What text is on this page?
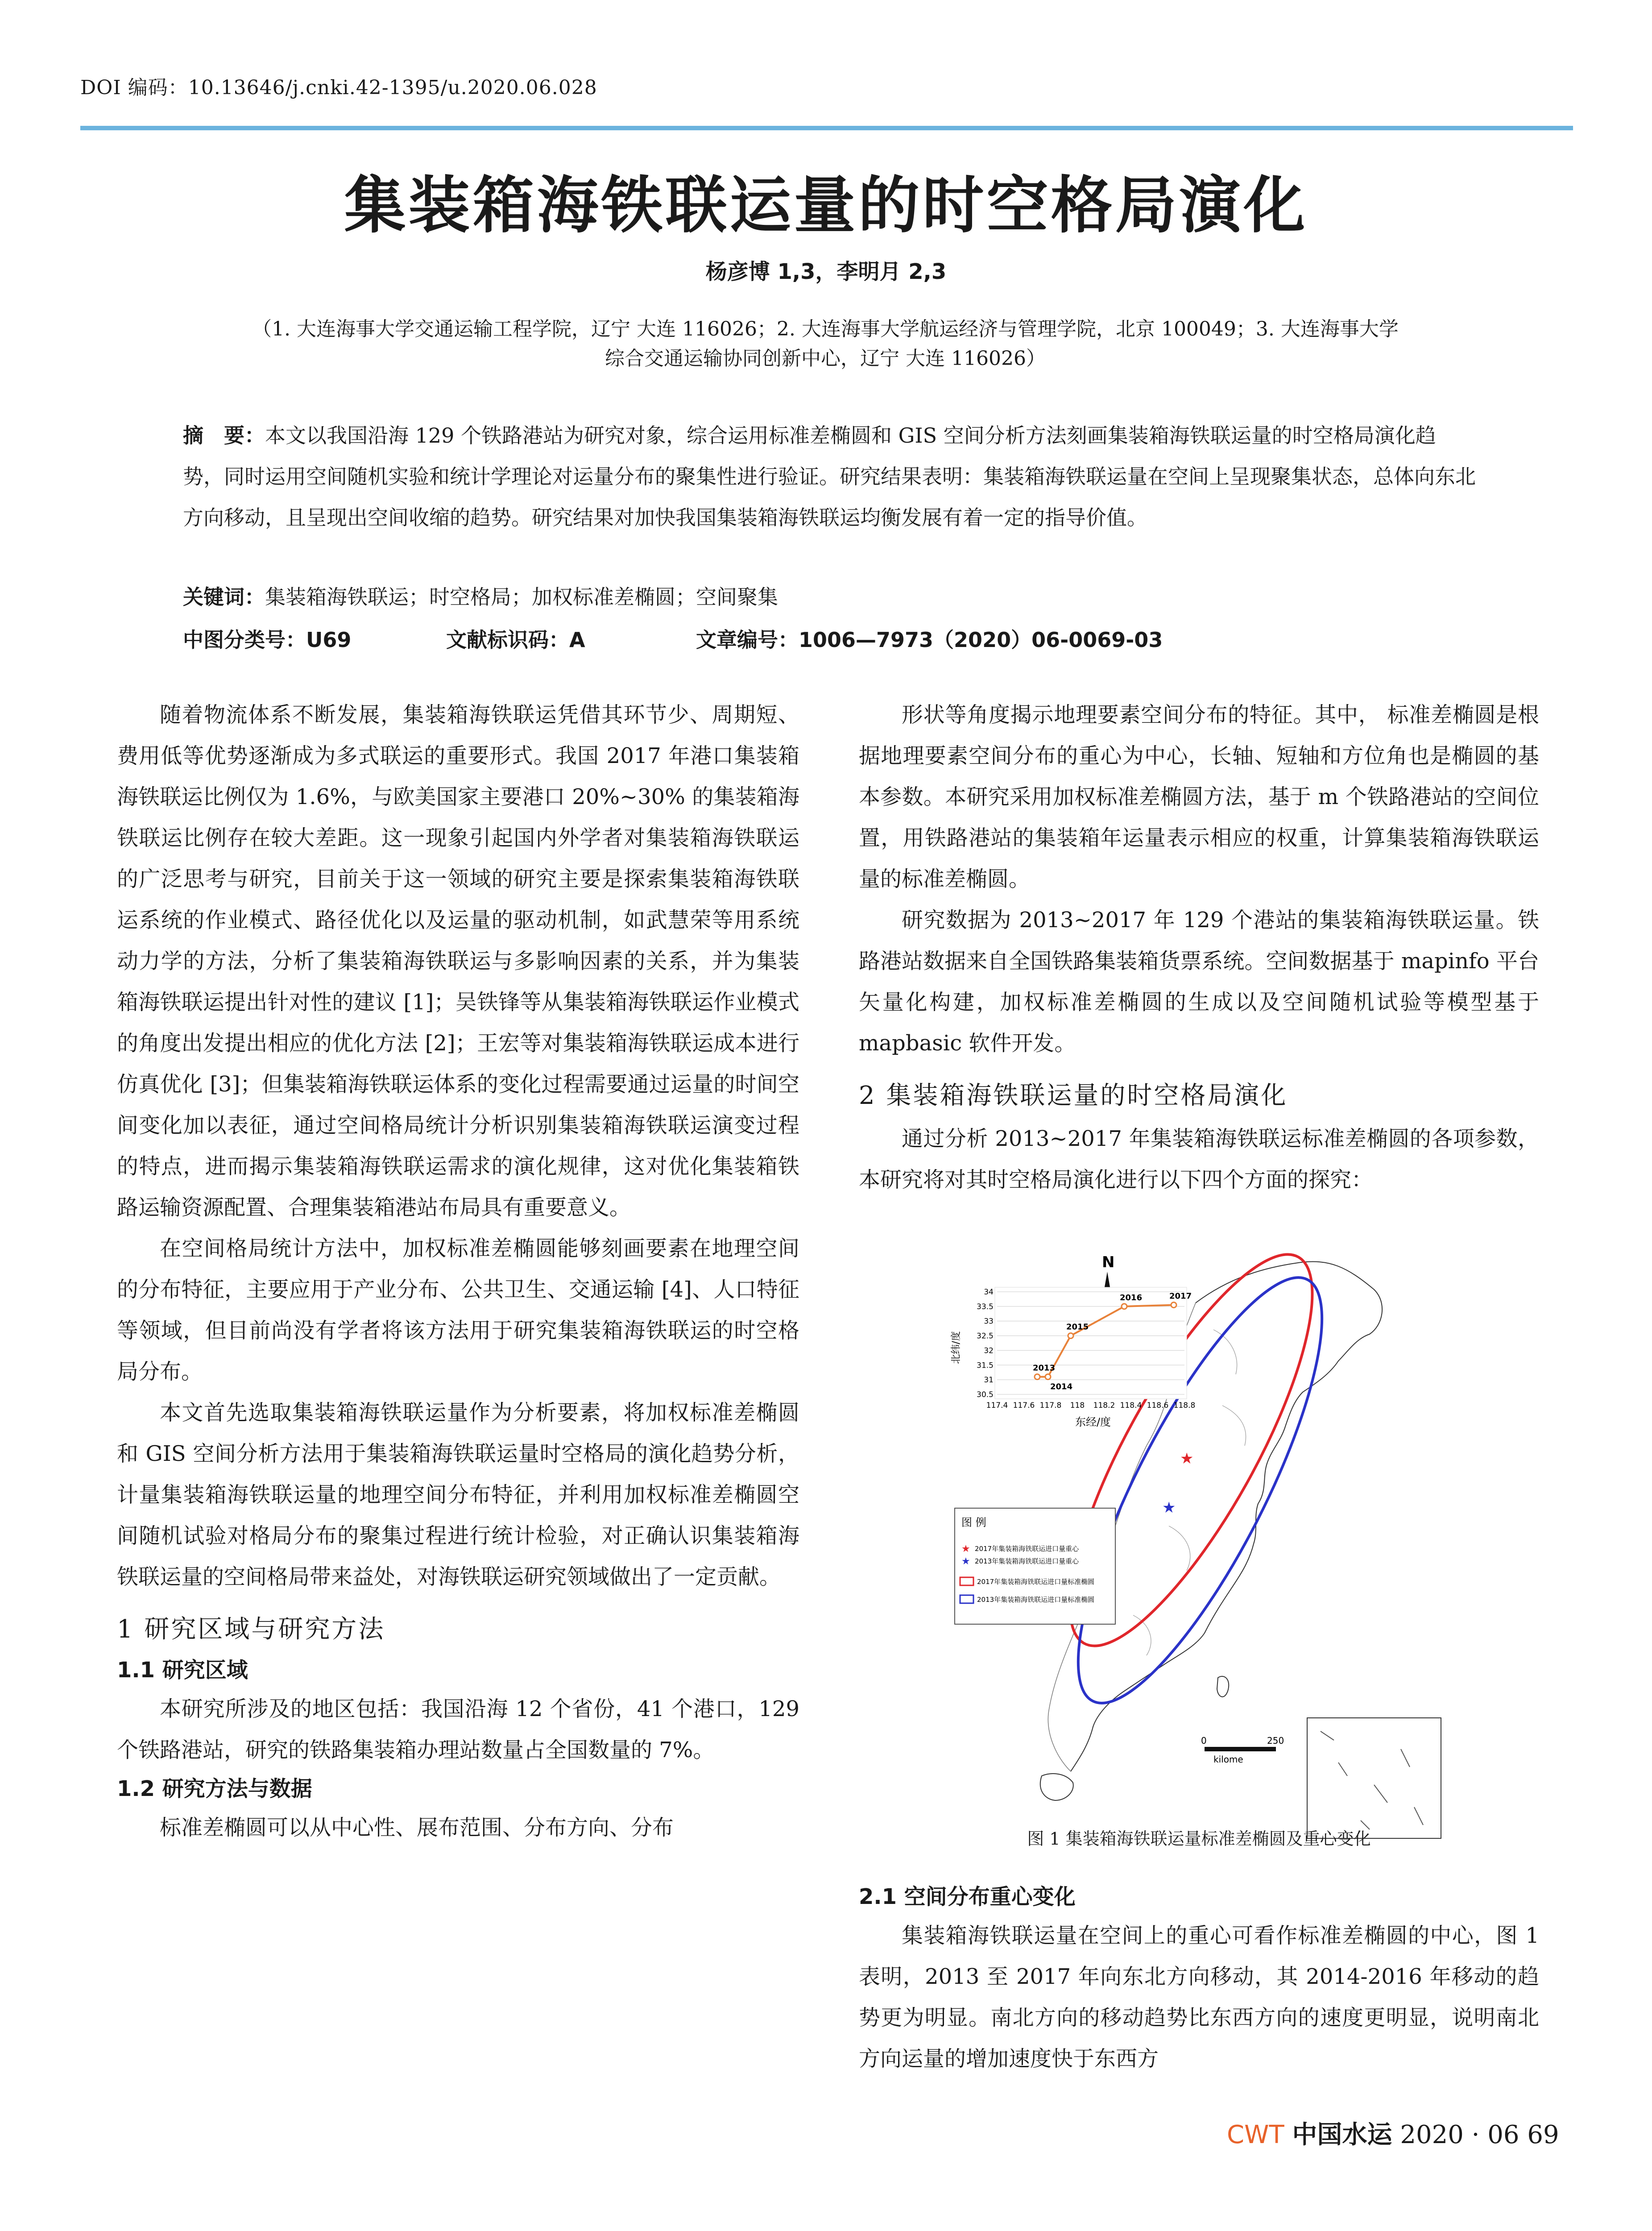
DOI 编码：10.13646/j.cnki.42-1395/u.2020.06.028
集装箱海铁联运量的时空格局演化
杨彦博 1,3，李明月 2,3
（1. 大连海事大学交通运输工程学院，辽宁 大连 116026；2. 大连海事大学航运经济与管理学院，北京 100049；3. 大连海事大学
综合交通运输协同创新中心，辽宁 大连 116026）
摘　要：本文以我国沿海 129 个铁路港站为研究对象，综合运用标准差椭圆和 GIS 空间分析方法刻画集装箱海铁联运量的时空格局演化趋势，同时运用空间随机实验和统计学理论对运量分布的聚集性进行验证。研究结果表明：集装箱海铁联运量在空间上呈现聚集状态，总体向东北方向移动，且呈现出空间收缩的趋势。研究结果对加快我国集装箱海铁联运均衡发展有着一定的指导价值。
关键词：集装箱海铁联运；时空格局；加权标准差椭圆；空间聚集
中图分类号：U69	文献标识码：A	文章编号：1006—7973（2020）06-0069-03

随着物流体系不断发展，集装箱海铁联运凭借其环节少、周期短、费用低等优势逐渐成为多式联运的重要形式。我国 2017 年港口集装箱海铁联运比例仅为 1.6%，与欧美国家主要港口 20%~30% 的集装箱海铁联运比例存在较大差距。这一现象引起国内外学者对集装箱海铁联运的广泛思考与研究，目前关于这一领域的研究主要是探索集装箱海铁联运系统的作业模式、路径优化以及运量的驱动机制，如武慧荣等用系统动力学的方法，分析了集装箱海铁联运与多影响因素的关系，并为集装箱海铁联运提出针对性的建议 [1]；吴铁锋等从集装箱海铁联运作业模式的角度出发提出相应的优化方法 [2]；王宏等对集装箱海铁联运成本进行仿真优化 [3]；但集装箱海铁联运体系的变化过程需要通过运量的时间空间变化加以表征，通过空间格局统计分析识别集装箱海铁联运演变过程的特点，进而揭示集装箱海铁联运需求的演化规律，这对优化集装箱铁路运输资源配置、合理集装箱港站布局具有重要意义。

在空间格局统计方法中，加权标准差椭圆能够刻画要素在地理空间的分布特征，主要应用于产业分布、公共卫生、交通运输 [4]、人口特征等领域，但目前尚没有学者将该方法用于研究集装箱海铁联运的时空格局分布。

本文首先选取集装箱海铁联运量作为分析要素，将加权标准差椭圆和 GIS 空间分析方法用于集装箱海铁联运量时空格局的演化趋势分析，计量集装箱海铁联运量的地理空间分布特征，并利用加权标准差椭圆空间随机试验对格局分布的聚集过程进行统计检验，对正确认识集装箱海铁联运量的空间格局带来益处，对海铁联运研究领域做出了一定贡献。

1 研究区域与研究方法
1.1 研究区域

本研究所涉及的地区包括：我国沿海 12 个省份，41 个港口，129 个铁路港站，研究的铁路集装箱办理站数量占全国数量的 7%。

1.2 研究方法与数据

标准差椭圆可以从中心性、展布范围、分布方向、分布

形状等角度揭示地理要素空间分布的特征。其中， 标准差椭圆是根据地理要素空间分布的重心为中心，长轴、短轴和方位角也是椭圆的基本参数。本研究采用加权标准差椭圆方法，基于 m 个铁路港站的空间位置，用铁路港站的集装箱年运量表示相应的权重，计算集装箱海铁联运量的标准差椭圆。

研究数据为 2013~2017 年 129 个港站的集装箱海铁联运量。铁路港站数据来自全国铁路集装箱货票系统。空间数据基于 mapinfo 平台矢量化构建，加权标准差椭圆的生成以及空间随机试验等模型基于 mapbasic 软件开发。

2 集装箱海铁联运量的时空格局演化

通过分析 2013~2017 年集装箱海铁联运标准差椭圆的各项参数，本研究将对其时空格局演化进行以下四个方面的探究：

★
★
N
30.5
31
31.5
32
32.5
33
33.5
34
117.4 117.6 117.8 118 118.2 118.4 118.6 118.8
2013
2014
2015
2016	2017
北纬/度
东经/度
图 例
★ 2017年集装箱海铁联运进口量重心
★ 2013年集装箱海铁联运进口量重心
2017年集装箱海铁联运进口量标准椭圆
2013年集装箱海铁联运进口量标准椭圆
0	250
kilome
图 1 集装箱海铁联运量标准差椭圆及重心变化
2.1 空间分布重心变化

集装箱海铁联运量在空间上的重心可看作标准差椭圆的中心，图 1 表明，2013 至 2017 年向东北方向移动，其 2014-2016 年移动的趋势更为明显。南北方向的移动趋势比东西方向的速度更明显，说明南北方向运量的增加速度快于东西方

CWT 中国水运 2020 · 06 69
